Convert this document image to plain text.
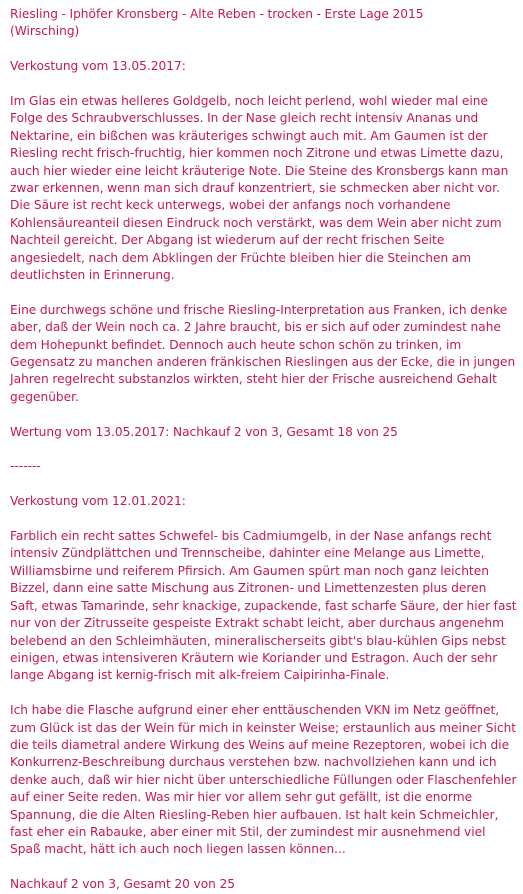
Riesling - Iphöfer Kronsberg - Alte Reben - trocken - Erste Lage 2015
(Wirsching)

Verkostung vom 13.05.2017:

Im Glas ein etwas helleres Goldgelb, noch leicht perlend, wohl wieder mal eine Folge des Schraubverschlusses. In der Nase gleich recht intensiv Ananas und Nektarine, ein bißchen was kräuteriges schwingt auch mit. Am Gaumen ist der Riesling recht frisch-fruchtig, hier kommen noch Zitrone und etwas Limette dazu, auch hier wieder eine leicht kräuterige Note. Die Steine des Kronsbergs kann man zwar erkennen, wenn man sich drauf konzentriert, sie schmecken aber nicht vor. Die Säure ist recht keck unterwegs, wobei der anfangs noch vorhandene Kohlensäureanteil diesen Eindruck noch verstärkt, was dem Wein aber nicht zum Nachteil gereicht. Der Abgang ist wiederum auf der recht frischen Seite angesiedelt, nach dem Abklingen der Früchte bleiben hier die Steinchen am deutlichsten in Erinnerung.

Eine durchwegs schöne und frische Riesling-Interpretation aus Franken, ich denke aber, daß der Wein noch ca. 2 Jahre braucht, bis er sich auf oder zumindest nahe dem Hohepunkt befindet. Dennoch auch heute schon schön zu trinken, im Gegensatz zu manchen anderen fränkischen Rieslingen aus der Ecke, die in jungen Jahren regelrecht substanzlos wirkten, steht hier der Frische ausreichend Gehalt gegenüber.

Wertung vom 13.05.2017: Nachkauf 2 von 3, Gesamt 18 von 25

-------

Verkostung vom 12.01.2021:

Farblich ein recht sattes Schwefel- bis Cadmiumgelb, in der Nase anfangs recht intensiv Zündplättchen und Trennscheibe, dahinter eine Melange aus Limette, Williamsbirne und reiferem Pfirsich. Am Gaumen spürt man noch ganz leichten Bizzel, dann eine satte Mischung aus Zitronen- und Limettenzesten plus deren Saft, etwas Tamarinde, sehr knackige, zupackende, fast scharfe Säure, der hier fast nur von der Zitrusseite gespeiste Extrakt schabt leicht, aber durchaus angenehm belebend an den Schleimhäuten, mineralischerseits gibt's blau-kühlen Gips nebst einigen, etwas intensiveren Kräutern wie Koriander und Estragon. Auch der sehr lange Abgang ist kernig-frisch mit alk-freiem Caipirinha-Finale.

Ich habe die Flasche aufgrund einer eher enttäuschenden VKN im Netz geöffnet, zum Glück ist das der Wein für mich in keinster Weise; erstaunlich aus meiner Sicht die teils diametral andere Wirkung des Weins auf meine Rezeptoren, wobei ich die Konkurrenz-Beschreibung durchaus verstehen bzw. nachvollziehen kann und ich denke auch, daß wir hier nicht über unterschiedliche Füllungen oder Flaschenfehler auf einer Seite reden. Was mir hier vor allem sehr gut gefällt, ist die enorme Spannung, die die Alten Riesling-Reben hier aufbauen. Ist halt kein Schmeichler, fast eher ein Rabauke, aber einer mit Stil, der zumindest mir ausnehmend viel Spaß macht, hätt ich auch noch liegen lassen können...

Nachkauf 2 von 3, Gesamt 20 von 25
